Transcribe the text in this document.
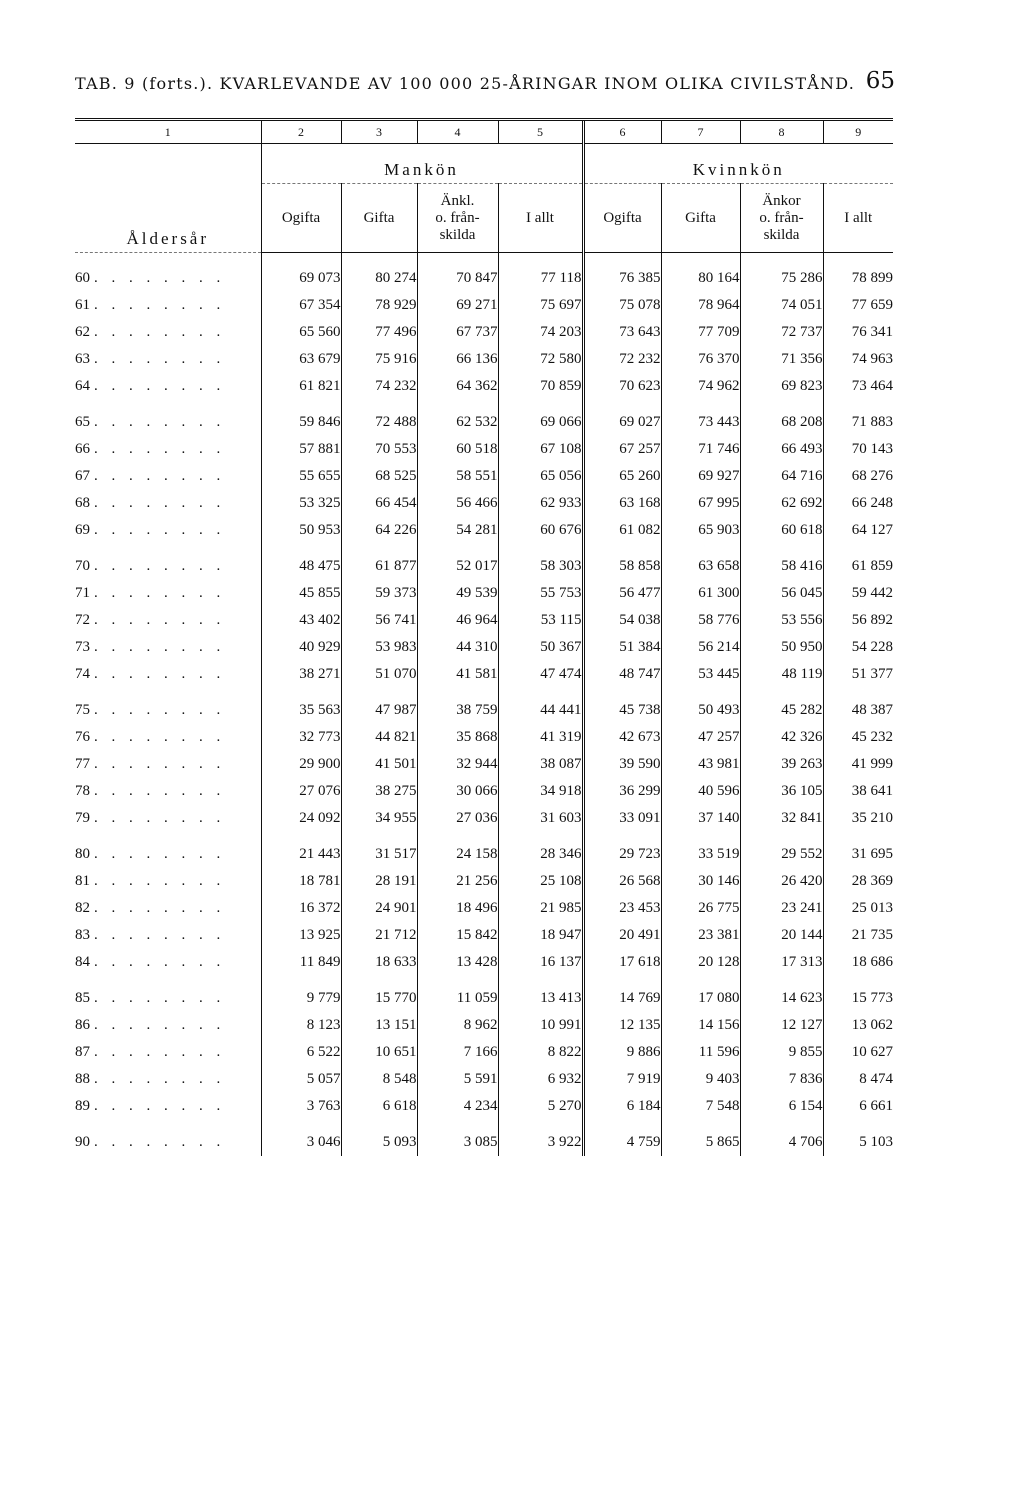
TAB. 9 (forts.). KVARLEVANDE AV 100 000 25-ÅRINGAR INOM OLIKA CIVILSTÅND. 65
1	2	3	4	5	6	7	8	9
Åldersår	Mankön				Kvinnkön			
	Ogifta	Gifta	Änkl.
o. från-
skilda	I allt	Ogifta	Gifta	Änkor
o. från-
skilda	I allt
60 . . . . . . . .	69 073	80 274	70 847	77 118	76 385	80 164	75 286	78 899
61 . . . . . . . .	67 354	78 929	69 271	75 697	75 078	78 964	74 051	77 659
62 . . . . . . . .	65 560	77 496	67 737	74 203	73 643	77 709	72 737	76 341
63 . . . . . . . .	63 679	75 916	66 136	72 580	72 232	76 370	71 356	74 963
64 . . . . . . . .	61 821	74 232	64 362	70 859	70 623	74 962	69 823	73 464
65 . . . . . . . .	59 846	72 488	62 532	69 066	69 027	73 443	68 208	71 883
66 . . . . . . . .	57 881	70 553	60 518	67 108	67 257	71 746	66 493	70 143
67 . . . . . . . .	55 655	68 525	58 551	65 056	65 260	69 927	64 716	68 276
68 . . . . . . . .	53 325	66 454	56 466	62 933	63 168	67 995	62 692	66 248
69 . . . . . . . .	50 953	64 226	54 281	60 676	61 082	65 903	60 618	64 127
70 . . . . . . . .	48 475	61 877	52 017	58 303	58 858	63 658	58 416	61 859
71 . . . . . . . .	45 855	59 373	49 539	55 753	56 477	61 300	56 045	59 442
72 . . . . . . . .	43 402	56 741	46 964	53 115	54 038	58 776	53 556	56 892
73 . . . . . . . .	40 929	53 983	44 310	50 367	51 384	56 214	50 950	54 228
74 . . . . . . . .	38 271	51 070	41 581	47 474	48 747	53 445	48 119	51 377
75 . . . . . . . .	35 563	47 987	38 759	44 441	45 738	50 493	45 282	48 387
76 . . . . . . . .	32 773	44 821	35 868	41 319	42 673	47 257	42 326	45 232
77 . . . . . . . .	29 900	41 501	32 944	38 087	39 590	43 981	39 263	41 999
78 . . . . . . . .	27 076	38 275	30 066	34 918	36 299	40 596	36 105	38 641
79 . . . . . . . .	24 092	34 955	27 036	31 603	33 091	37 140	32 841	35 210
80 . . . . . . . .	21 443	31 517	24 158	28 346	29 723	33 519	29 552	31 695
81 . . . . . . . .	18 781	28 191	21 256	25 108	26 568	30 146	26 420	28 369
82 . . . . . . . .	16 372	24 901	18 496	21 985	23 453	26 775	23 241	25 013
83 . . . . . . . .	13 925	21 712	15 842	18 947	20 491	23 381	20 144	21 735
84 . . . . . . . .	11 849	18 633	13 428	16 137	17 618	20 128	17 313	18 686
85 . . . . . . . .	9 779	15 770	11 059	13 413	14 769	17 080	14 623	15 773
86 . . . . . . . .	8 123	13 151	8 962	10 991	12 135	14 156	12 127	13 062
87 . . . . . . . .	6 522	10 651	7 166	8 822	9 886	11 596	9 855	10 627
88 . . . . . . . .	5 057	8 548	5 591	6 932	7 919	9 403	7 836	8 474
89 . . . . . . . .	3 763	6 618	4 234	5 270	6 184	7 548	6 154	6 661
90 . . . . . . . .	3 046	5 093	3 085	3 922	4 759	5 865	4 706	5 103
